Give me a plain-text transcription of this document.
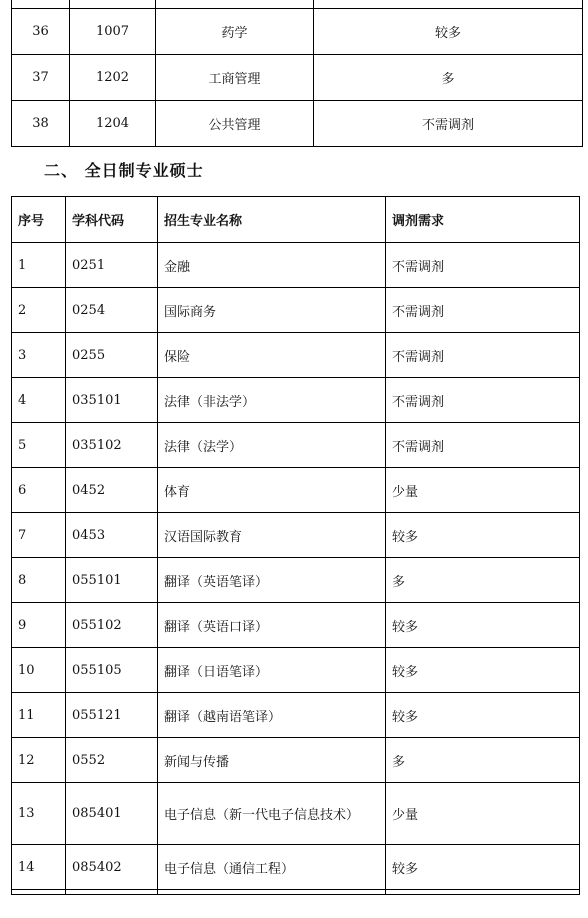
36	1007	药学	较多
37	1202	工商管理	多
38	1204	公共管理	不需调剂
二、 全日制专业硕士
序号	学科代码	招生专业名称	调剂需求
1	0251	金融	不需调剂
2	0254	国际商务	不需调剂
3	0255	保险	不需调剂
4	035101	法律（非法学）	不需调剂
5	035102	法律（法学）	不需调剂
6	0452	体育	少量
7	0453	汉语国际教育	较多
8	055101	翻译（英语笔译）	多
9	055102	翻译（英语口译）	较多
10	055105	翻译（日语笔译）	较多
11	055121	翻译（越南语笔译）	较多
12	0552	新闻与传播	多
13	085401	电子信息（新一代电子信息技术）	少量
14	085402	电子信息（通信工程）	较多
